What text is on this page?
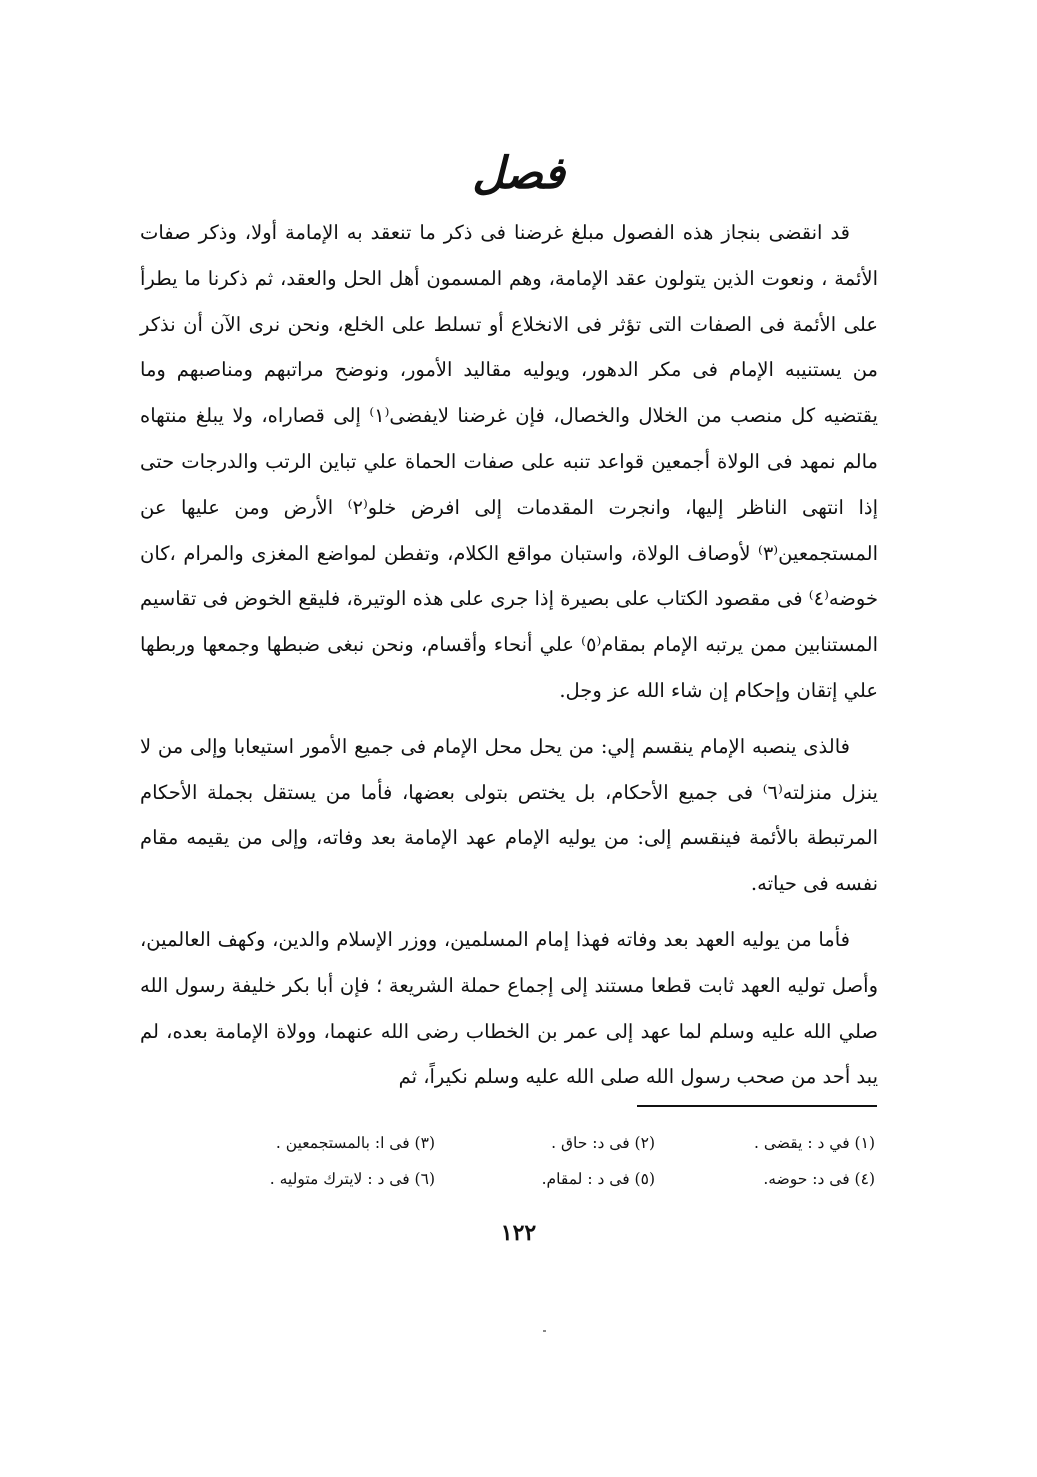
فصل

قد انقضى بنجاز هذه الفصول مبلغ غرضنا فى ذكر ما تنعقد به الإمامة أولا، وذكر صفات الأئمة ، ونعوت الذين يتولون عقد الإمامة، وهم المسمون أهل الحل والعقد، ثم ذكرنا ما يطرأ على الأئمة فى الصفات التى تؤثر فى الانخلاع أو تسلط على الخلع، ونحن نرى الآن أن نذكر من يستنيبه الإمام فى مكر الدهور، ويوليه مقاليد الأمور، ونوضح مراتبهم ومناصبهم وما يقتضيه كل منصب من الخلال والخصال، فإن غرضنا لايفضى⁽١⁾ إلى قصاراه، ولا يبلغ منتهاه مالم نمهد فى الولاة أجمعين قواعد تنبه على صفات الحماة علي تباين الرتب والدرجات حتى إذا انتهى الناظر إليها، وانجرت المقدمات إلى افرض خلو⁽٢⁾ الأرض ومن عليها عن المستجمعين⁽٣⁾ لأوصاف الولاة، واستبان مواقع الكلام، وتفطن لمواضع المغزى والمرام ،كان خوضه⁽٤⁾ فى مقصود الكتاب على بصيرة إذا جرى على هذه الوتيرة، فليقع الخوض فى تقاسيم المستنابين ممن يرتبه الإمام بمقام⁽٥⁾ علي أنحاء وأقسام، ونحن نبغى ضبطها وجمعها وربطها علي إتقان وإحكام إن شاء الله عز وجل.

فالذى ينصبه الإمام ينقسم إلي: من يحل محل الإمام فى جميع الأمور استيعابا وإلى من لا ينزل منزلته⁽٦⁾ فى جميع الأحكام، بل يختص بتولى بعضها، فأما من يستقل بجملة الأحكام المرتبطة بالأئمة فينقسم إلى: من يوليه الإمام عهد الإمامة بعد وفاته، وإلى من يقيمه مقام نفسه فى حياته.

فأما من يوليه العهد بعد وفاته فهذا إمام المسلمين، ووزر الإسلام والدين، وكهف العالمين، وأصل توليه العهد ثابت قطعا مستند إلى إجماع حملة الشريعة ؛ فإن أبا بكر خليفة رسول الله صلي الله عليه وسلم لما عهد إلى عمر بن الخطاب رضى الله عنهما، وولاة الإمامة بعده، لم يبد أحد من صحب رسول الله صلى الله عليه وسلم نكيراً، ثم

(١) في د : يقضى .
(٢) فى د: حاق .
(٣) فى ا: بالمستجمعين .
(٤) فى د: حوضه.
(٥) فى د : لمقام.
(٦) فى د : لايترك متوليه .
١٢٢
